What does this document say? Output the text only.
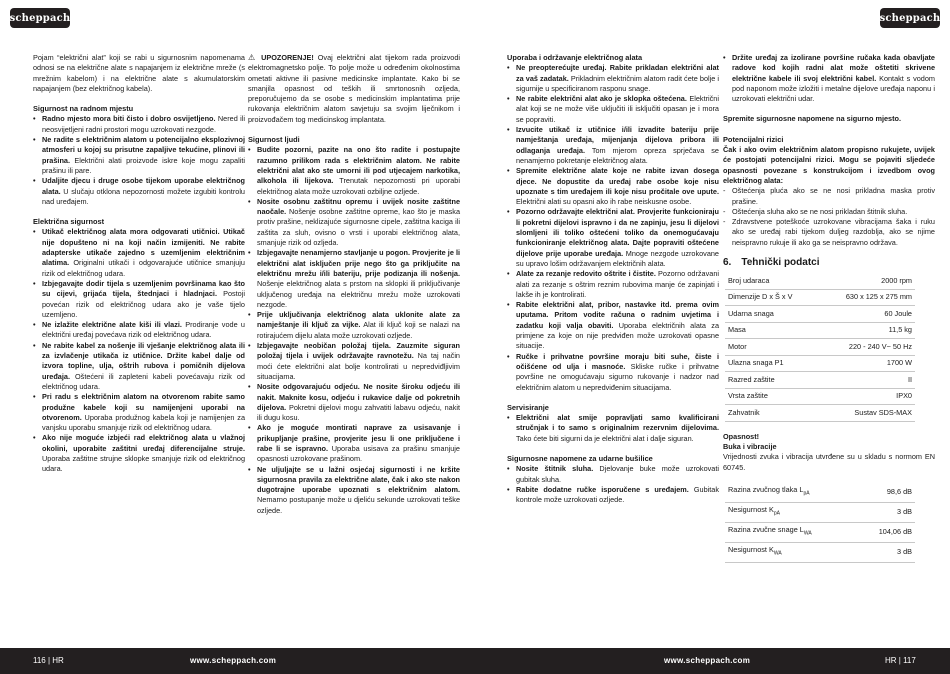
scheppach	scheppach

Pojam “električni alat” koji se rabi u sigurnosnim napomenama odnosi se na električne alate s napajanjem iz električne mreže (s mrežnim kabelom) i na električne alate s akumulatorskim napajanjem (bez električnog kabela).

Sigurnost na radnom mjestu
• Radno mjesto mora biti čisto i dobro osvijetljeno. Nered ili neosvijetljeni radni prostori mogu uzrokovati nezgode.
• Ne radite s električnim alatom u potencijalno eksplozivnoj atmosferi u kojoj su prisutne zapaljive tekućine, plinovi ili prašina. Električni alati proizvode iskre koje mogu zapaliti prašinu ili pare.
• Udaljite djecu i druge osobe tijekom uporabe električnog alata. U slučaju otklona nepozornosti možete izgubiti kontrolu nad uređajem.
Električna sigurnost
• Utikač električnog alata mora odgovarati utičnici. Utikač nije dopušteno ni na koji način izmijeniti. Ne rabite adapterske utikače zajedno s uzemljenim električnim alatima. Originalni utikači i odgovarajuće utičnice smanjuju rizik od električnog udara.
• Izbjegavajte dodir tijela s uzemljenim površinama kao što su cijevi, grijaća tijela, štednjaci i hladnjaci. Postoji povećan rizik od električnog udara ako je vaše tijelo uzemljeno.
• Ne izlažite električne alate kiši ili vlazi. Prodiranje vode u električni uređaj povećava rizik od električnog udara.
• Ne rabite kabel za nošenje ili vješanje električnog alata ili za izvlačenje utikača iz utičnice. Držite kabel dalje od izvora topline, ulja, oštrih rubova i pomičnih dijelova uređaja. Oštećeni ili zapleteni kabeli povećavaju rizik od električnog udara.
• Pri radu s električnim alatom na otvorenom rabite samo produžne kabele koji su namijenjeni uporabi na otvorenom. Uporaba produžnog kabela koji je namijenjen za vanjsku uporabu smanjuje rizik od električnog udara.
• Ako nije moguće izbjeći rad električnog alata u vlažnoj okolini, uporabite zaštitni uređaj diferencijalne struje. Uporaba zaštitne strujne sklopke smanjuje rizik od električnog udara.

⚠ UPOZORENJE! Ovaj električni alat tijekom rada proizvodi elektromagnetsko polje. To polje može u određenim okolnostima ometati aktivne ili pasivne medicinske implantate. Kako bi se smanjila opasnost od teških ili smrtonosnih ozljeda, preporučujemo da se osobe s medicinskim implantatima prije rukovanja električnim alatom savjetuju sa svojim liječnikom i proizvođačem tog medicinskog implantata.

Sigurnost ljudi
• Budite pozorni, pazite na ono što radite i postupajte razumno prilikom rada s električnim alatom. Ne rabite električni alat ako ste umorni ili pod utjecajem narkotika, alkohola ili lijekova. Trenutak nepozornosti pri uporabi električnog alata može uzrokovati ozbiljne ozljede.
• Nosite osobnu zaštitnu opremu i uvijek nosite zaštitne naočale. Nošenje osobne zaštitne opreme, kao što je maska protiv prašine, neklizajuće sigurnosne cipele, zaštitna kaciga ili zaštita za sluh, ovisno o vrsti i uporabi električnog alata, smanjuje rizik od ozljeda.
• Izbjegavajte nenamjerno stavljanje u pogon. Provjerite je li električni alat isključen prije nego što ga priključite na električnu mrežu i/ili bateriju, prije podizanja ili nošenja. Nošenje električnog alata s prstom na sklopki ili priključivanje uključenog uređaja na električnu mrežu može uzrokovati nezgode.
• Prije uključivanja električnog alata uklonite alate za namještanje ili ključ za vijke. Alat ili ključ koji se nalazi na rotirajućem dijelu alata može uzrokovati ozljede.
• Izbjegavajte neobičan položaj tijela. Zauzmite siguran položaj tijela i uvijek održavajte ravnotežu. Na taj način moći ćete električni alat bolje kontrolirati u nepredviđljivim situacijama.
• Nosite odgovarajuću odjeću. Ne nosite široku odjeću ili nakit. Maknite kosu, odjeću i rukavice dalje od pokretnih dijelova. Pokretni dijelovi mogu zahvatiti labavu odjeću, nakit ili dugu kosu.
• Ako je moguće montirati naprave za usisavanje i prikupljanje prašine, provjerite jesu li one priključene i rabe li se ispravno. Uporaba usisava za prašinu smanjuje opasnosti uzrokovane prašinom.
• Ne uljuljajte se u lažni osjećaj sigurnosti i ne kršite sigurnosna pravila za električne alate, čak i ako ste nakon dugotrajne uporabe upoznati s električnim alatom. Nemarno postupanje može u djeliću sekunde uzrokovati teške ozljede.
Uporaba i održavanje električnog alata
• Ne preopterećujte uređaj. Rabite prikladan električni alat za vaš zadatak. Prikladnim električnim alatom radit ćete bolje i sigurnije u specificiranom rasponu snage.
• Ne rabite električni alat ako je sklopka oštećena. Električni alat koji se ne može više uključiti ili isključiti opasan je i mora se popraviti.
• Izvucite utikač iz utičnice i/ili izvadite bateriju prije namještanja uređaja, mijenjanja dijelova pribora ili odlaganja uređaja. Tom mjerom opreza sprječava se nenamjerno pokretanje električnog alata.
• Spremite električne alate koje ne rabite izvan dosega djece. Ne dopustite da uređaj rabe osobe koje nisu upoznate s tim uređajem ili koje nisu pročitale ove upute. Električni alati su opasni ako ih rabe neiskusne osobe.
• Pozorno održavajte električni alat. Provjerite funkcioniraju li pokretni dijelovi ispravno i da ne zapinju, jesu li dijelovi slomljeni ili toliko oštećeni toliko da onemogućavaju funkcioniranje električnog alata. Dajte popraviti oštećene dijelove prije uporabe uređaja. Mnoge nezgode uzrokovane su upravo lošim održavanjem električnih alata.
• Alate za rezanje redovito oštrite i čistite. Pozorno održavani alati za rezanje s oštrim reznim rubovima manje će zapinjati i lakše ih je kontrolirati.
• Rabite električni alat, pribor, nastavke itd. prema ovim uputama. Pritom vodite računa o radnim uvjetima i zadatku koji valja obaviti. Uporaba električnih alata za primjene za koje on nije predviđen može uzrokovati opasne situacije.
• Ručke i prihvatne površine moraju biti suhe, čiste i očišćene od ulja i masnoće. Skliske ručke i prihvatne površine ne omogućavaju sigurno rukovanje i nadzor nad električnim alatom u nepredviđenim situacijama.
Servisiranje
• Električni alat smije popravljati samo kvalificirani stručnjak i to samo s originalnim rezervnim dijelovima. Tako ćete biti sigurni da je električni alat i dalje siguran.
Sigurnosne napomene za udarne bušilice
• Nosite štitnik sluha. Djelovanje buke može uzrokovati gubitak sluha.
• Rabite dodatne ručke isporučene s uređajem. Gubitak kontrole može uzrokovati ozljede.
• Držite uređaj za izolirane površine ručaka kada obavljate radove kod kojih radni alat može oštetiti skrivene električne kabele ili svoj električni kabel. Kontakt s vodom pod naponom može izložiti i metalne dijelove uređaja naponu i uzrokovati električni udar.

Spremite sigurnosne napomene na sigurno mjesto.

Potencijalni rizici

Čak i ako ovim električnim alatom propisno rukujete, uvijek će postojati potencijalni rizici. Mogu se pojaviti sljedeće opasnosti povezane s konstrukcijom i izvedbom ovog električnog alata:

- Oštećenja pluća ako se ne nosi prikladna maska protiv prašine.
- Oštećenja sluha ako se ne nosi prikladan štitnik sluha.
- Zdravstvene poteškoće uzrokovane vibracijama šaka i ruku ako se uređaj rabi tijekom duljeg razdoblja, ako se njime neispravno rukuje ili ako ga se neispravno održava.
6. Tehnički podatci
Broj udaraca	2000 rpm
Dimenzije D x Š x V	630 x 125 x 275 mm
Udarna snaga	60 Joule
Masa	11,5 kg
Motor	220 - 240 V~ 50 Hz
Ulazna snaga P1	1700 W
Razred zaštite	II
Vrsta zaštite	IPX0
Zahvatnik	Sustav SDS-MAX

Opasnost!

Buka i vibracije

Vrijednosti zvuka i vibracija utvrđene su u skladu s normom EN 60745.

Razina zvučnog tlaka $L_{pA}$	98,6 dB
Nesigurnost $K_{pA}$	3 dB
Razina zvučne snage $L_{WA}$	104,06 dB
Nesigurnost $K_{WA}$	3 dB
116 | HR	www.scheppach.com	www.scheppach.com	HR | 117
